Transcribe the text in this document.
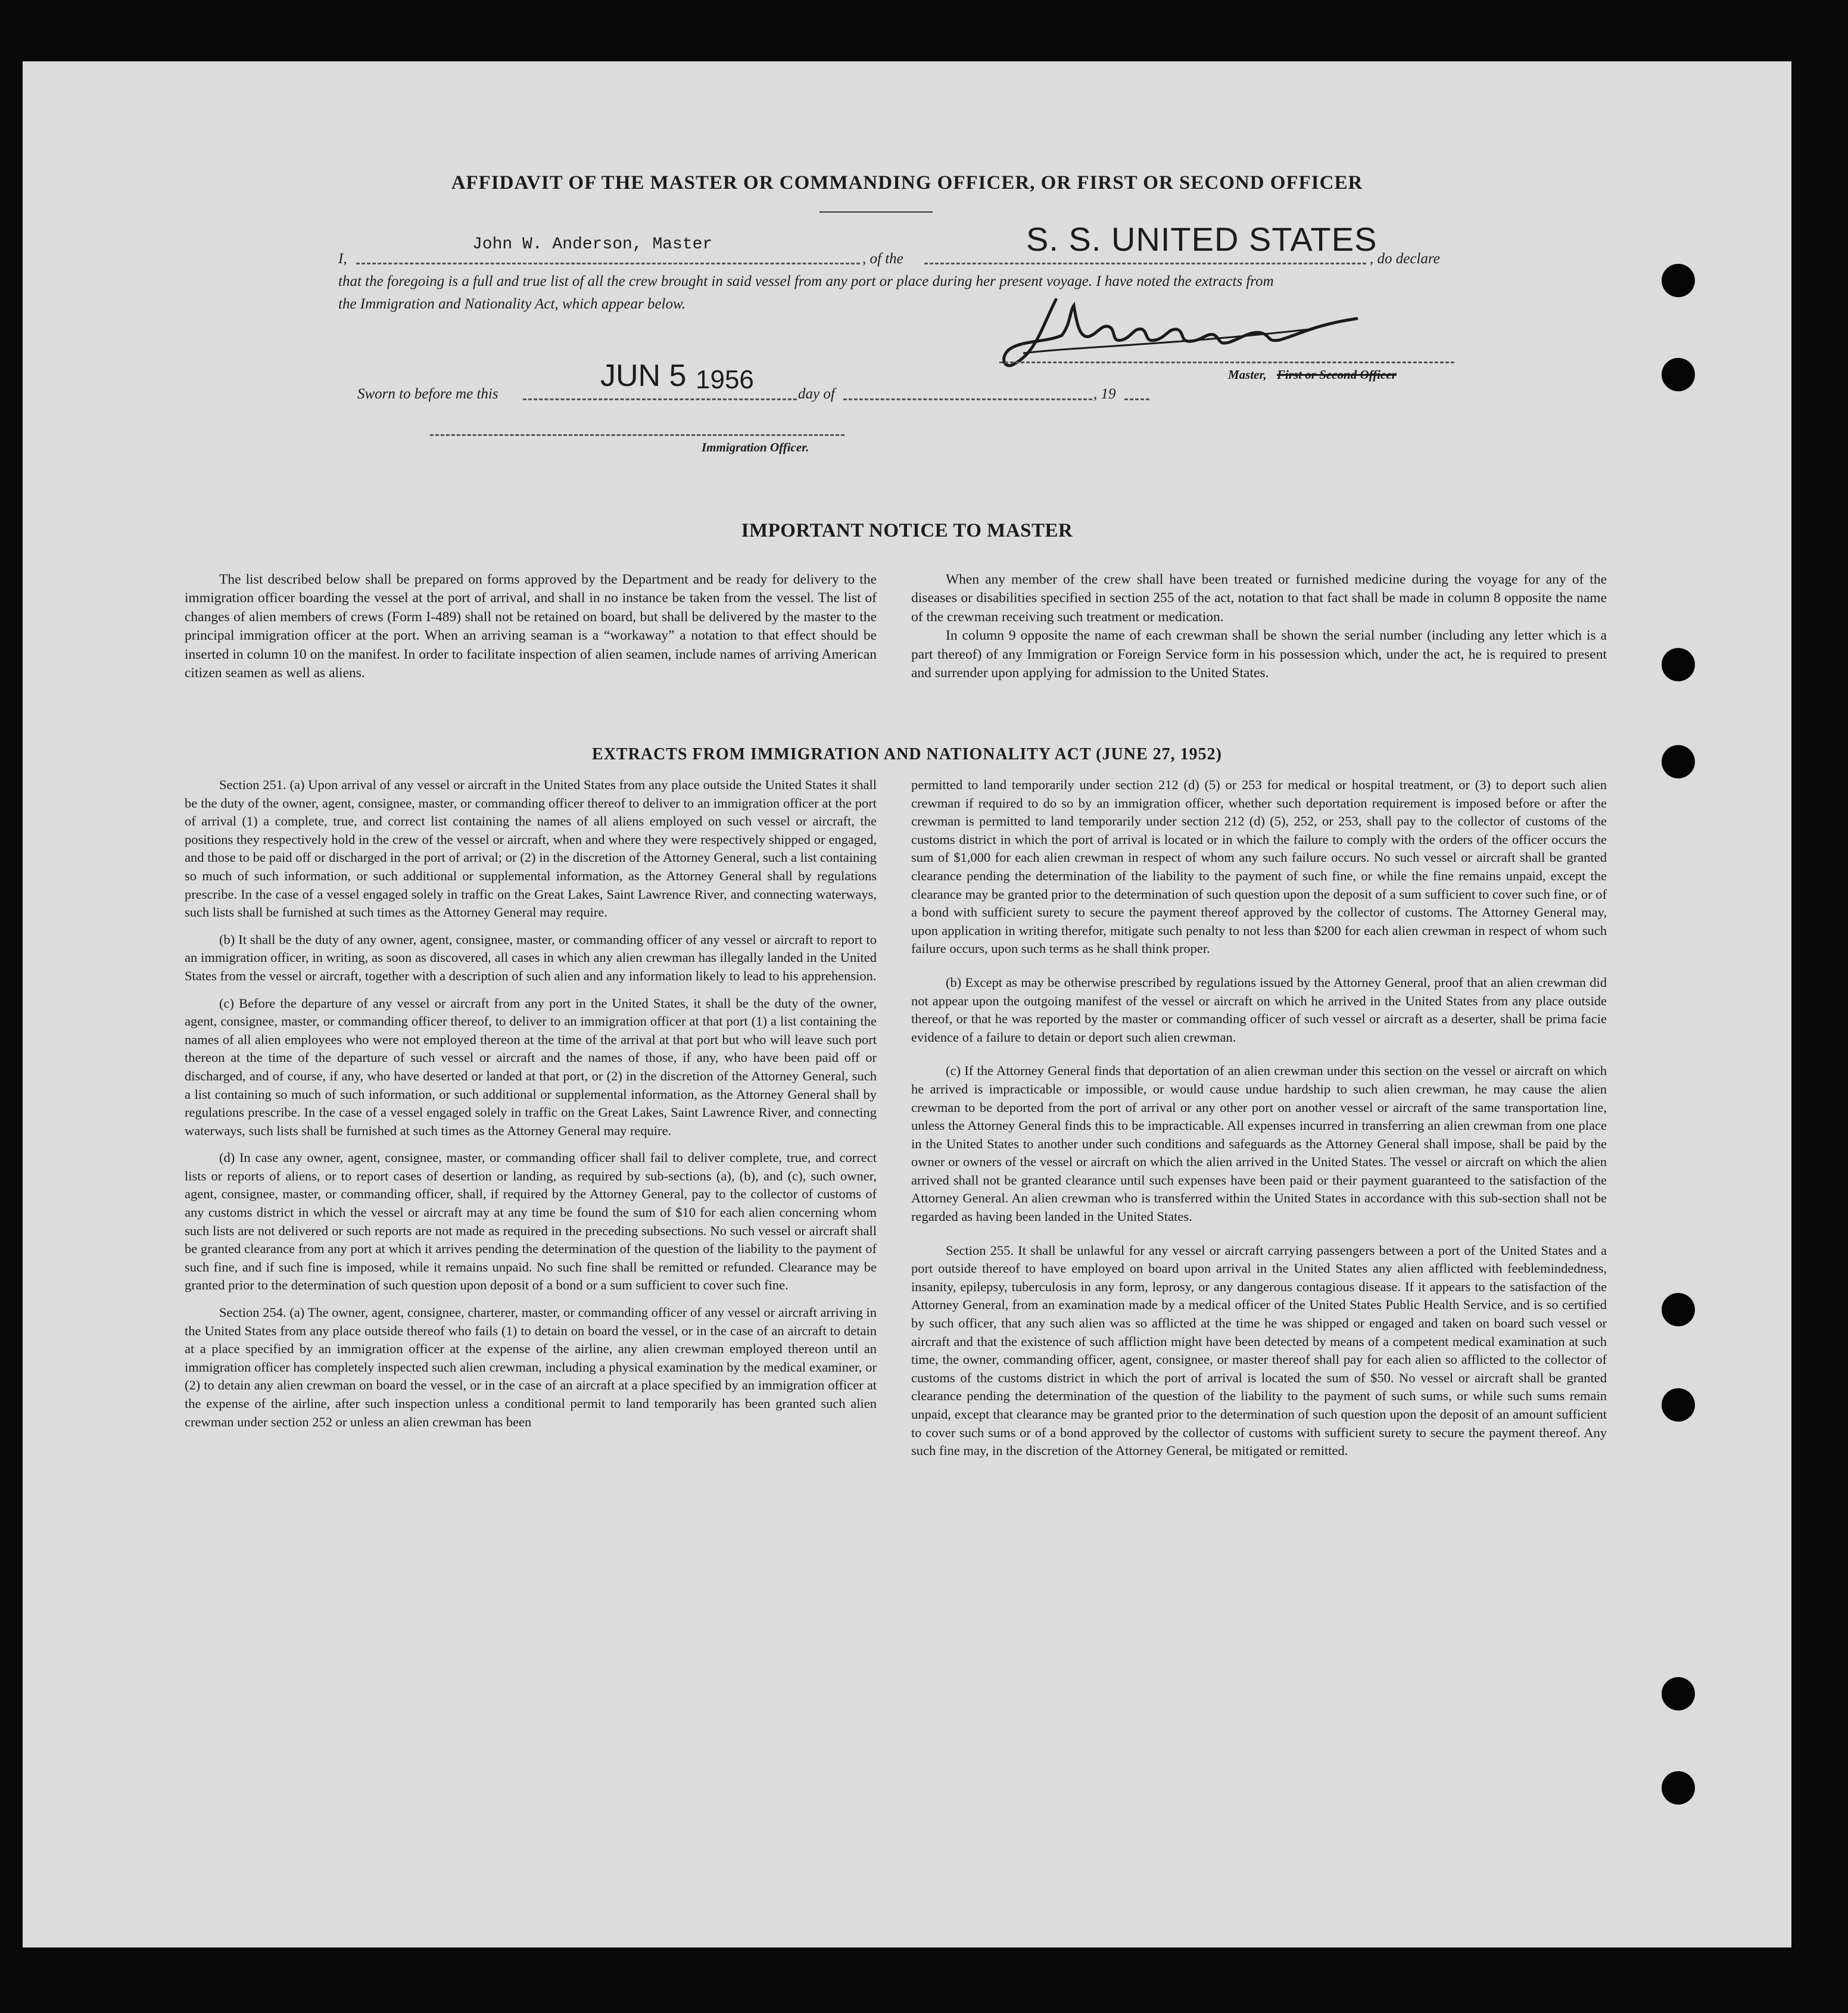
AFFIDAVIT OF THE MASTER OR COMMANDING OFFICER, OR FIRST OR SECOND OFFICER
I,
John W. Anderson, Master
, of the
S. S. UNITED STATES
, do declare
that the foregoing is a full and true list of all the crew brought in said vessel from any port or place during her present voyage. I have noted the extracts from
the Immigration and Nationality Act, which appear below.
Master, First or Second Officer
Sworn to before me this
JUN 5 1956	day of	, 19
Immigration Officer.
IMPORTANT NOTICE TO MASTER

The list described below shall be prepared on forms approved by the Department and be ready for delivery to the immigration officer boarding the vessel at the port of arrival, and shall in no instance be taken from the vessel. The list of changes of alien members of crews (Form I-489) shall not be retained on board, but shall be delivered by the master to the principal immigration officer at the port. When an arriving seaman is a “workaway” a notation to that effect should be inserted in column 10 on the manifest. In order to facilitate inspection of alien seamen, include names of arriving American citizen seamen as well as aliens.

When any member of the crew shall have been treated or furnished medicine during the voyage for any of the diseases or disabilities specified in section 255 of the act, notation to that fact shall be made in column 8 opposite the name of the crewman receiving such treatment or medication.

In column 9 opposite the name of each crewman shall be shown the serial number (including any letter which is a part thereof) of any Immigration or Foreign Service form in his possession which, under the act, he is required to present and surrender upon applying for admission to the United States.

EXTRACTS FROM IMMIGRATION AND NATIONALITY ACT (JUNE 27, 1952)

Section 251. (a) Upon arrival of any vessel or aircraft in the United States from any place outside the United States it shall be the duty of the owner, agent, consignee, master, or commanding officer thereof to deliver to an immigration officer at the port of arrival (1) a complete, true, and correct list containing the names of all aliens employed on such vessel or aircraft, the positions they respectively hold in the crew of the vessel or aircraft, when and where they were respectively shipped or engaged, and those to be paid off or discharged in the port of arrival; or (2) in the discretion of the Attorney General, such a list containing so much of such information, or such additional or supplemental information, as the Attorney General shall by regulations prescribe. In the case of a vessel engaged solely in traffic on the Great Lakes, Saint Lawrence River, and connecting waterways, such lists shall be furnished at such times as the Attorney General may require.

(b) It shall be the duty of any owner, agent, consignee, master, or commanding officer of any vessel or aircraft to report to an immigration officer, in writing, as soon as discovered, all cases in which any alien crewman has illegally landed in the United States from the vessel or aircraft, together with a description of such alien and any information likely to lead to his apprehension.

(c) Before the departure of any vessel or aircraft from any port in the United States, it shall be the duty of the owner, agent, consignee, master, or commanding officer thereof, to deliver to an immigration officer at that port (1) a list containing the names of all alien employees who were not employed thereon at the time of the arrival at that port but who will leave such port thereon at the time of the departure of such vessel or aircraft and the names of those, if any, who have been paid off or discharged, and of course, if any, who have deserted or landed at that port, or (2) in the discretion of the Attorney General, such a list containing so much of such information, or such additional or supplemental information, as the Attorney General shall by regulations prescribe. In the case of a vessel engaged solely in traffic on the Great Lakes, Saint Lawrence River, and connecting waterways, such lists shall be furnished at such times as the Attorney General may require.

(d) In case any owner, agent, consignee, master, or commanding officer shall fail to deliver complete, true, and correct lists or reports of aliens, or to report cases of desertion or landing, as required by sub-sections (a), (b), and (c), such owner, agent, consignee, master, or commanding officer, shall, if required by the Attorney General, pay to the collector of customs of any customs district in which the vessel or aircraft may at any time be found the sum of $10 for each alien concerning whom such lists are not delivered or such reports are not made as required in the preceding subsections. No such vessel or aircraft shall be granted clearance from any port at which it arrives pending the determination of the question of the liability to the payment of such fine, and if such fine is imposed, while it remains unpaid. No such fine shall be remitted or refunded. Clearance may be granted prior to the determination of such question upon deposit of a bond or a sum sufficient to cover such fine.

Section 254. (a) The owner, agent, consignee, charterer, master, or commanding officer of any vessel or aircraft arriving in the United States from any place outside thereof who fails (1) to detain on board the vessel, or in the case of an aircraft to detain at a place specified by an immigration officer at the expense of the airline, any alien crewman employed thereon until an immigration officer has completely inspected such alien crewman, including a physical examination by the medical examiner, or (2) to detain any alien crewman on board the vessel, or in the case of an aircraft at a place specified by an immigration officer at the expense of the airline, after such inspection unless a conditional permit to land temporarily has been granted such alien crewman under section 252 or unless an alien crewman has been

permitted to land temporarily under section 212 (d) (5) or 253 for medical or hospital treatment, or (3) to deport such alien crewman if required to do so by an immigration officer, whether such deportation requirement is imposed before or after the crewman is permitted to land temporarily under section 212 (d) (5), 252, or 253, shall pay to the collector of customs of the customs district in which the port of arrival is located or in which the failure to comply with the orders of the officer occurs the sum of $1,000 for each alien crewman in respect of whom any such failure occurs. No such vessel or aircraft shall be granted clearance pending the determination of the liability to the payment of such fine, or while the fine remains unpaid, except the clearance may be granted prior to the determination of such question upon the deposit of a sum sufficient to cover such fine, or of a bond with sufficient surety to secure the payment thereof approved by the collector of customs. The Attorney General may, upon application in writing therefor, mitigate such penalty to not less than $200 for each alien crewman in respect of whom such failure occurs, upon such terms as he shall think proper.

(b) Except as may be otherwise prescribed by regulations issued by the Attorney General, proof that an alien crewman did not appear upon the outgoing manifest of the vessel or aircraft on which he arrived in the United States from any place outside thereof, or that he was reported by the master or commanding officer of such vessel or aircraft as a deserter, shall be prima facie evidence of a failure to detain or deport such alien crewman.

(c) If the Attorney General finds that deportation of an alien crewman under this section on the vessel or aircraft on which he arrived is impracticable or impossible, or would cause undue hardship to such alien crewman, he may cause the alien crewman to be deported from the port of arrival or any other port on another vessel or aircraft of the same transportation line, unless the Attorney General finds this to be impracticable. All expenses incurred in transferring an alien crewman from one place in the United States to another under such conditions and safeguards as the Attorney General shall impose, shall be paid by the owner or owners of the vessel or aircraft on which the alien arrived in the United States. The vessel or aircraft on which the alien arrived shall not be granted clearance until such expenses have been paid or their payment guaranteed to the satisfaction of the Attorney General. An alien crewman who is transferred within the United States in accordance with this sub-section shall not be regarded as having been landed in the United States.

Section 255. It shall be unlawful for any vessel or aircraft carrying passengers between a port of the United States and a port outside thereof to have employed on board upon arrival in the United States any alien afflicted with feeblemindedness, insanity, epilepsy, tuberculosis in any form, leprosy, or any dangerous contagious disease. If it appears to the satisfaction of the Attorney General, from an examination made by a medical officer of the United States Public Health Service, and is so certified by such officer, that any such alien was so afflicted at the time he was shipped or engaged and taken on board such vessel or aircraft and that the existence of such affliction might have been detected by means of a competent medical examination at such time, the owner, commanding officer, agent, consignee, or master thereof shall pay for each alien so afflicted to the collector of customs of the customs district in which the port of arrival is located the sum of $50. No vessel or aircraft shall be granted clearance pending the determination of the question of the liability to the payment of such sums, or while such sums remain unpaid, except that clearance may be granted prior to the determination of such question upon the deposit of an amount sufficient to cover such sums or of a bond approved by the collector of customs with sufficient surety to secure the payment thereof. Any such fine may, in the discretion of the Attorney General, be mitigated or remitted.
